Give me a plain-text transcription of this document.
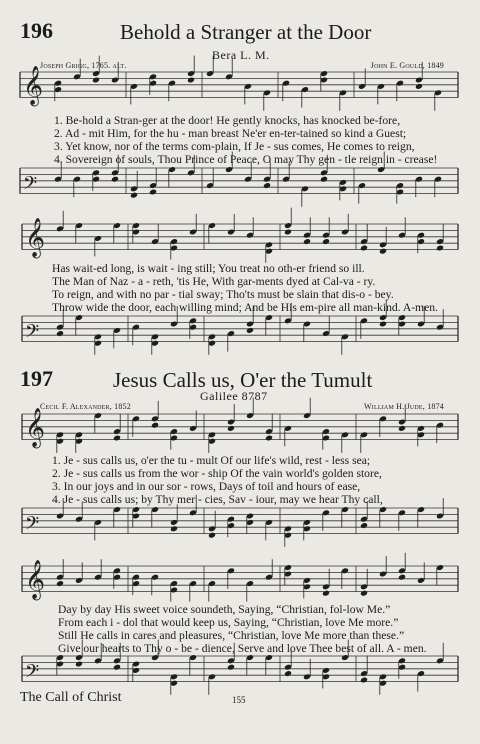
196	Behold a Stranger at the Door
Bera L. M.
Joseph Grigg, 1765. alt.	John E. Gould, 1849
1. Be-hold a Stran-ger at the door! He gently knocks, has knocked be-fore,
2. Ad - mit Him, for the hu - man breast Ne'er en-ter-tained so kind a Guest;
3. Yet know, nor of the terms com-plain, If Je - sus comes, He comes to reign,
4. Sovereign of souls, Thou Prince of Peace, O may Thy gen - tle reign in - crease!
Has wait-ed long, is wait - ing still; You treat no oth-er friend so ill.
The Man of Naz - a - reth, 'tis He, With gar-ments dyed at Cal-va - ry.
To reign, and with no par - tial sway; Tho'ts must be slain that dis-o - bey.
Throw wide the door, each willing mind; And be His em-pire all man-kind. A-men.
197	Jesus Calls us, O'er the Tumult
Galilee 8787
Cecil F. Alexander, 1852	William H. Jude, 1874
1. Je - sus calls us, o'er the tu - mult Of our life's wild, rest - less sea;
2. Je - sus calls us from the wor - ship Of the vain world's golden store,
3. In our joys and in our sor - rows, Days of toil and hours of ease,
4. Je - sus calls us; by Thy mer - cies, Sav - iour, may we hear Thy call,
Day by day His sweet voice soundeth, Saying, “Christian, fol-low Me.”
From each i - dol that would keep us, Saying, “Christian, love Me more.”
Still He calls in cares and pleasures, “Christian, love Me more than these.”
Give our hearts to Thy o - be - dience, Serve and love Thee best of all. A - men.
The Call of Christ	155
𝄞
𝄢
𝄞
𝄢
𝄞
𝄢
𝄞
𝄢
